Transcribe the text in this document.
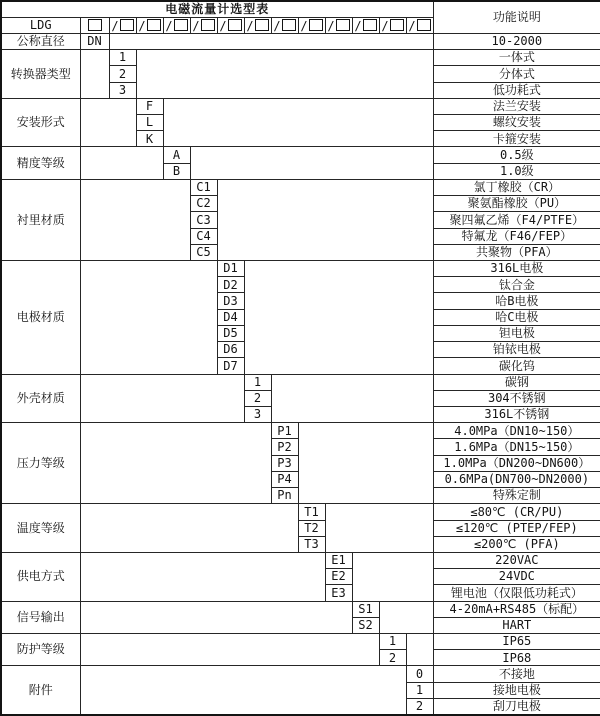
电磁流量计选型表														功能说明
LDG		/	/	/	/	/	/	/	/	/	/	/	/	
公称直径	DN													10-2000
转换器类型		1												一体式
		2												分体式
		3												低功耗式
安装形式			F											法兰安装
			L											螺纹安装
			K											卡箍安装
精度等级				A										0.5级
				B										1.0级
衬里材质					C1									氯丁橡胶（CR）
					C2									聚氨酯橡胶（PU）
					C3									聚四氟乙烯（F4/PTFE）
					C4									特氟龙（F46/FEP）
					C5									共聚物（PFA）
电极材质						D1								316L电极
						D2								钛合金
						D3								哈B电极
						D4								哈C电极
						D5								钽电极
						D6								铂铱电极
						D7								碳化钨
外壳材质							1							碳钢
							2							304不锈钢
							3							316L不锈钢
压力等级								P1						4.0MPa（DN10~150）
								P2						1.6MPa（DN15~150）
								P3						1.0MPa（DN200~DN600）
								P4						0.6MPa(DN700~DN2000)
								Pn						特殊定制
温度等级									T1					≤80℃ (CR/PU)
									T2					≤120℃ (PTEP/FEP)
									T3					≤200℃ (PFA)
供电方式										E1				220VAC
										E2				24VDC
										E3				锂电池（仅限低功耗式）
信号输出											S1			4-20mA+RS485（标配）
											S2			HART
防护等级												1		IP65
												2		IP68
附件													0	不接地
													1	接地电极
													2	刮刀电极
